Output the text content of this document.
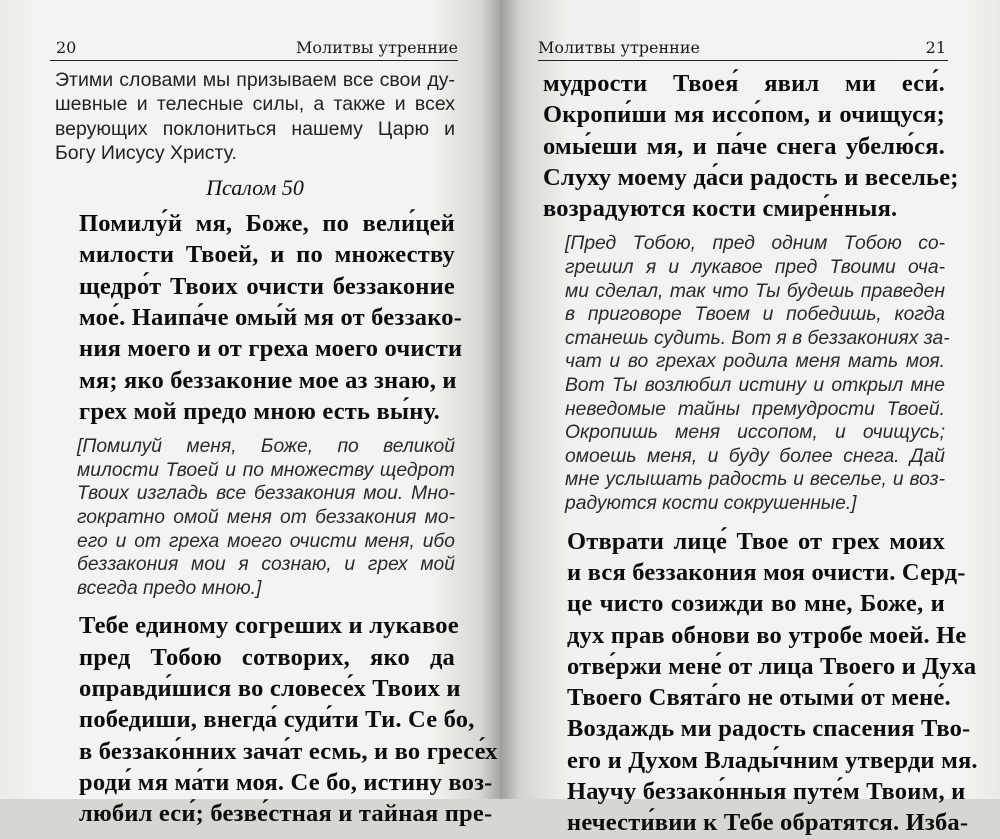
20	Молитвы утренние

Этими словами мы призываем все свои ду-
шевные и телесные силы, а также и всех
верующих поклониться нашему Царю и
Богу Иисусу Христу.

Псалом 50

Помилу́й мя, Боже, по вели́цей
милости Твоей, и по множеству
щедро́т Твоих очисти беззаконие
мое́. Наипа́че омы́й мя от беззако-
ния моего и от греха моего очисти
мя; яко беззаконие мое аз знаю, и
грех мой предо мною есть вы́ну.

[Помилуй меня, Боже, по великой
милости Твоей и по множеству щедрот
Твоих изгладь все беззакония мои. Мно-
гократно омой меня от беззакония мо-
его и от греха моего очисти меня, ибо
беззакония мои я сознаю, и грех мой
всегда предо мною.]

Тебе единому согреших и лукавое
пред Тобою сотворих, яко да
оправди́шися во словесе́х Твоих и
победиши, внегда́ суди́ти Ти. Се бо,
в беззако́нних зача́т есмь, и во гресе́х
роди́ мя ма́ти моя. Се бо, истину воз-
любил еси́; безве́стная и тайная пре-

Молитвы утренние	21

мудрости Твоея́ явил ми еси́.
Окропи́ши мя иссо́пом, и очищуся;
омы́еши мя, и па́че снега убелю́ся.
Слуху моему да́си радость и веселье;
возрадуются кости смире́нныя.

[Пред Тобою, пред одним Тобою со-
грешил я и лукавое пред Твоими оча-
ми сделал, так что Ты будешь праведен
в приговоре Твоем и победишь, когда
станешь судить. Вот я в беззакониях за-
чат и во грехах родила меня мать моя.
Вот Ты возлюбил истину и открыл мне
неведомые тайны премудрости Твоей.
Окропишь меня иссопом, и очищусь;
омоешь меня, и буду более снега. Дай
мне услышать радость и веселье, и воз-
радуются кости сокрушенные.]

Отврати лице́ Твое от грех моих
и вся беззакония моя очисти. Серд-
це чисто созижди во мне, Боже, и
дух прав обнови во утробе моей. Не
отве́ржи мене́ от лица Твоего и Духа
Твоего Свята́го не отыми́ от мене́.
Воздаждь ми радость спасения Тво-
его и Духом Влады́чним утверди мя.
Научу беззако́нныя путе́м Твоим, и
нечести́вии к Тебе обратятся. Изба-
